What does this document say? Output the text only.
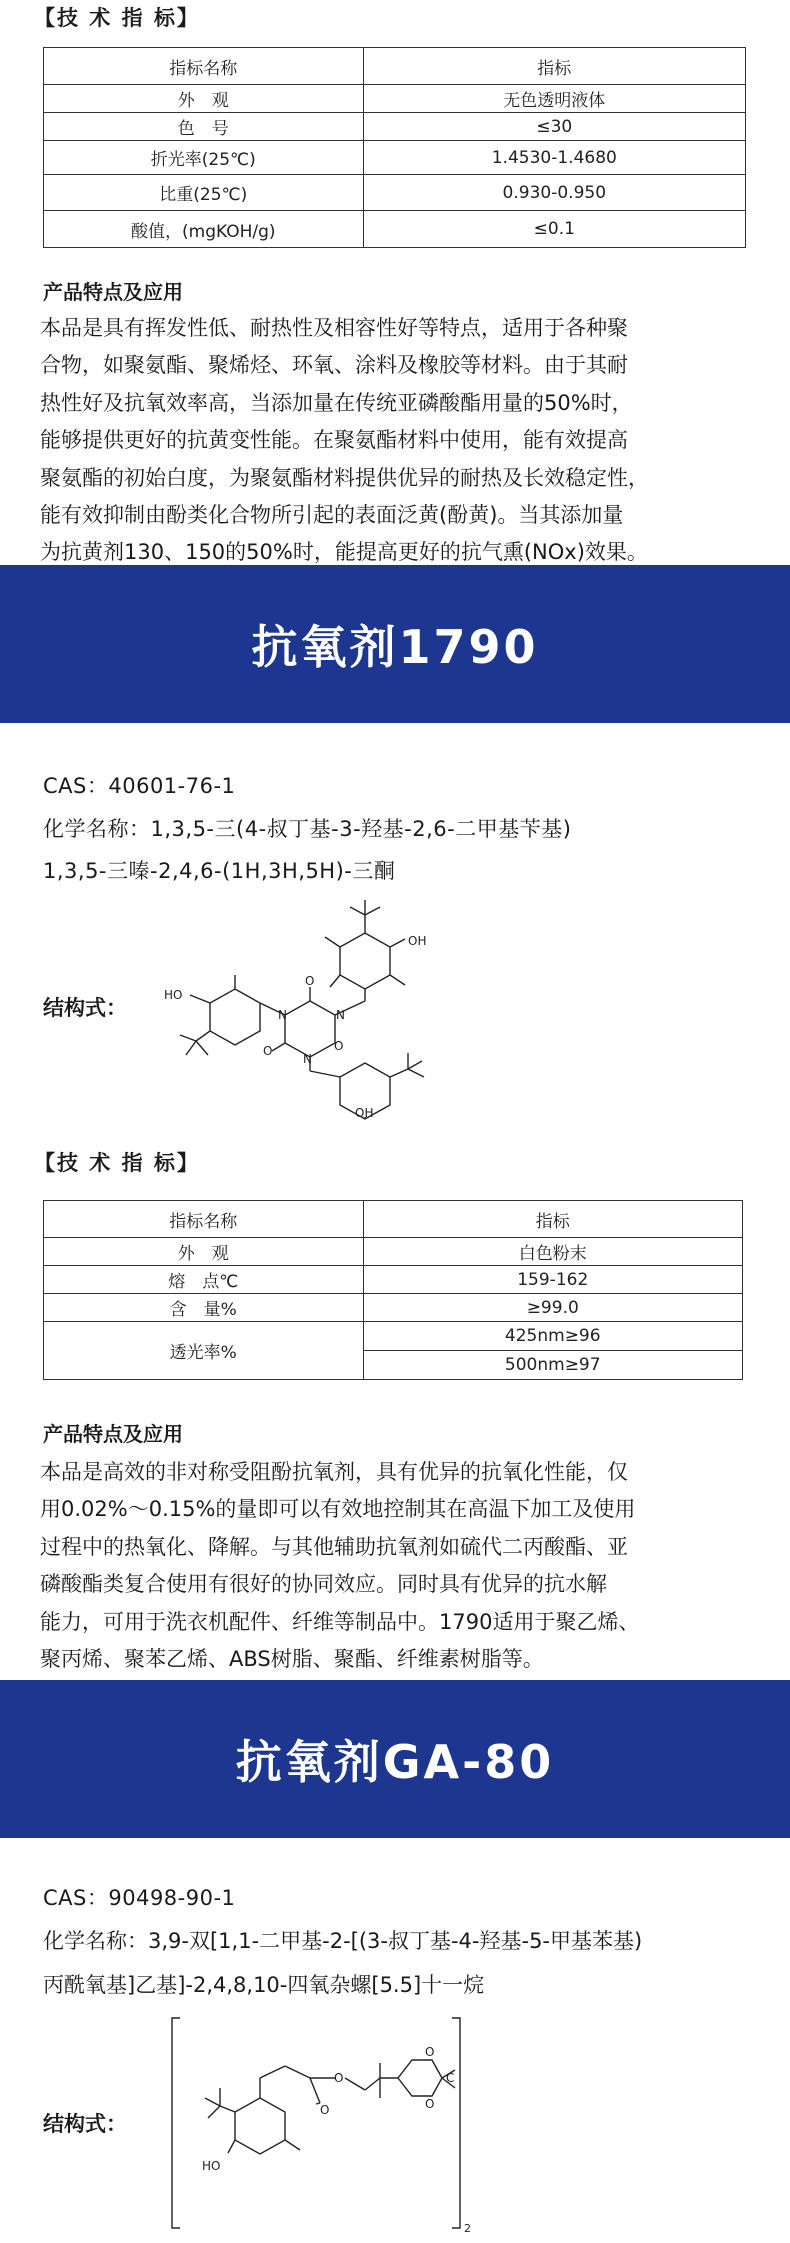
【技 术 指 标】
指标名称	指标
外　观	无色透明液体
色　号	≤30
折光率(25℃)	1.4530-1.4680
比重(25℃)	0.930-0.950
酸值，(mgKOH/g)	≤0.1
产品特点及应用
本品是具有挥发性低、耐热性及相容性好等特点，适用于各种聚
合物，如聚氨酯、聚烯烃、环氧、涂料及橡胶等材料。由于其耐
热性好及抗氧效率高，当添加量在传统亚磷酸酯用量的50%时，
能够提供更好的抗黄变性能。在聚氨酯材料中使用，能有效提高
聚氨酯的初始白度，为聚氨酯材料提供优异的耐热及长效稳定性，
能有效抑制由酚类化合物所引起的表面泛黄(酚黄)。当其添加量
为抗黄剂130、150的50%时，能提高更好的抗气熏(NOx)效果。
抗氧剂1790
CAS：40601-76-1
化学名称：1,3,5-三(4-叔丁基-3-羟基-2,6-二甲基苄基)
1,3,5-三嗪-2,4,6-(1H,3H,5H)-三酮
结构式：
OH
HO
OH
N
N
N
O
O	O
【技 术 指 标】
指标名称	指标
外　观	白色粉末
熔　点℃	159-162
含　量%	≥99.0
透光率%	425nm≥96
	500nm≥97
产品特点及应用
本品是高效的非对称受阻酚抗氧剂，具有优异的抗氧化性能，仅
用0.02%～0.15%的量即可以有效地控制其在高温下加工及使用
过程中的热氧化、降解。与其他辅助抗氧剂如硫代二丙酸酯、亚
磷酸酯类复合使用有很好的协同效应。同时具有优异的抗水解
能力，可用于洗衣机配件、纤维等制品中。1790适用于聚乙烯、
聚丙烯、聚苯乙烯、ABS树脂、聚酯、纤维素树脂等。
抗氧剂GA-80
CAS：90498-90-1
化学名称：3,9-双[1,1-二甲基-2-[(3-叔丁基-4-羟基-5-甲基苯基)
丙酰氧基]乙基]-2,4,8,10-四氧杂螺[5.5]十一烷
结构式：
O
O
O
O
C
HO
2
